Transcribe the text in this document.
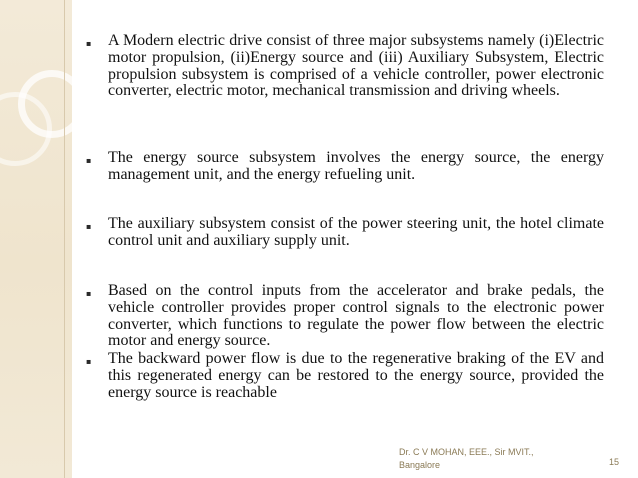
▪	A Modern electric drive consist of three major subsystems namely (i)Electric motor propulsion, (ii)Energy source and (iii) Auxiliary Subsystem, Electric propulsion subsystem is comprised of a vehicle controller, power electronic converter, electric motor, mechanical transmission and driving wheels.
▪	The energy source subsystem involves the energy source, the energy management unit, and the energy refueling unit.
▪	The auxiliary subsystem consist of the power steering unit, the hotel climate control unit and auxiliary supply unit.
▪	Based on the control inputs from the accelerator and brake pedals, the vehicle controller provides proper control signals to the electronic power converter, which functions to regulate the power flow between the electric motor and energy source.
▪	The backward power flow is due to the regenerative braking of the EV and this regenerated energy can be restored to the energy source, provided the energy source is reachable
Dr. C V MOHAN, EEE., Sir MVIT.,
Bangalore	15
